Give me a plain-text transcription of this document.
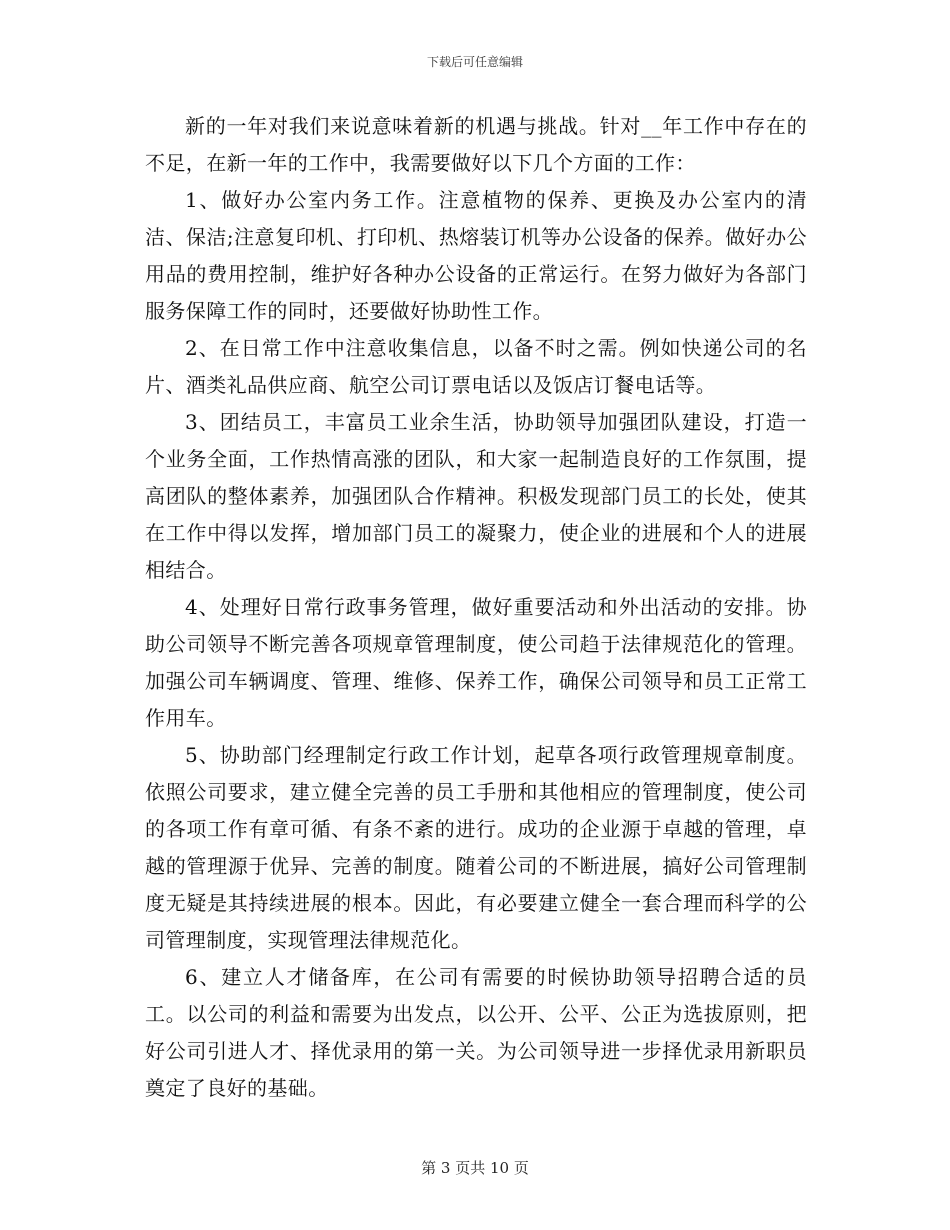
下载后可任意编辑

新的一年对我们来说意味着新的机遇与挑战。针对__年工作中存在的不足，在新一年的工作中，我需要做好以下几个方面的工作：

1、做好办公室内务工作。注意植物的保养、更换及办公室内的清洁、保洁;注意复印机、打印机、热熔装订机等办公设备的保养。做好办公用品的费用控制，维护好各种办公设备的正常运行。在努力做好为各部门服务保障工作的同时，还要做好协助性工作。

2、在日常工作中注意收集信息，以备不时之需。例如快递公司的名片、酒类礼品供应商、航空公司订票电话以及饭店订餐电话等。

3、团结员工，丰富员工业余生活，协助领导加强团队建设，打造一个业务全面，工作热情高涨的团队，和大家一起制造良好的工作氛围，提高团队的整体素养，加强团队合作精神。积极发现部门员工的长处，使其在工作中得以发挥，增加部门员工的凝聚力，使企业的进展和个人的进展相结合。

4、处理好日常行政事务管理，做好重要活动和外出活动的安排。协助公司领导不断完善各项规章管理制度，使公司趋于法律规范化的管理。加强公司车辆调度、管理、维修、保养工作，确保公司领导和员工正常工作用车。

5、协助部门经理制定行政工作计划，起草各项行政管理规章制度。依照公司要求，建立健全完善的员工手册和其他相应的管理制度，使公司的各项工作有章可循、有条不紊的进行。成功的企业源于卓越的管理，卓越的管理源于优异、完善的制度。随着公司的不断进展，搞好公司管理制度无疑是其持续进展的根本。因此，有必要建立健全一套合理而科学的公司管理制度，实现管理法律规范化。

6、建立人才储备库，在公司有需要的时候协助领导招聘合适的员工。以公司的利益和需要为出发点，以公开、公平、公正为选拔原则，把好公司引进人才、择优录用的第一关。为公司领导进一步择优录用新职员奠定了良好的基础。

第 3 页共 10 页
